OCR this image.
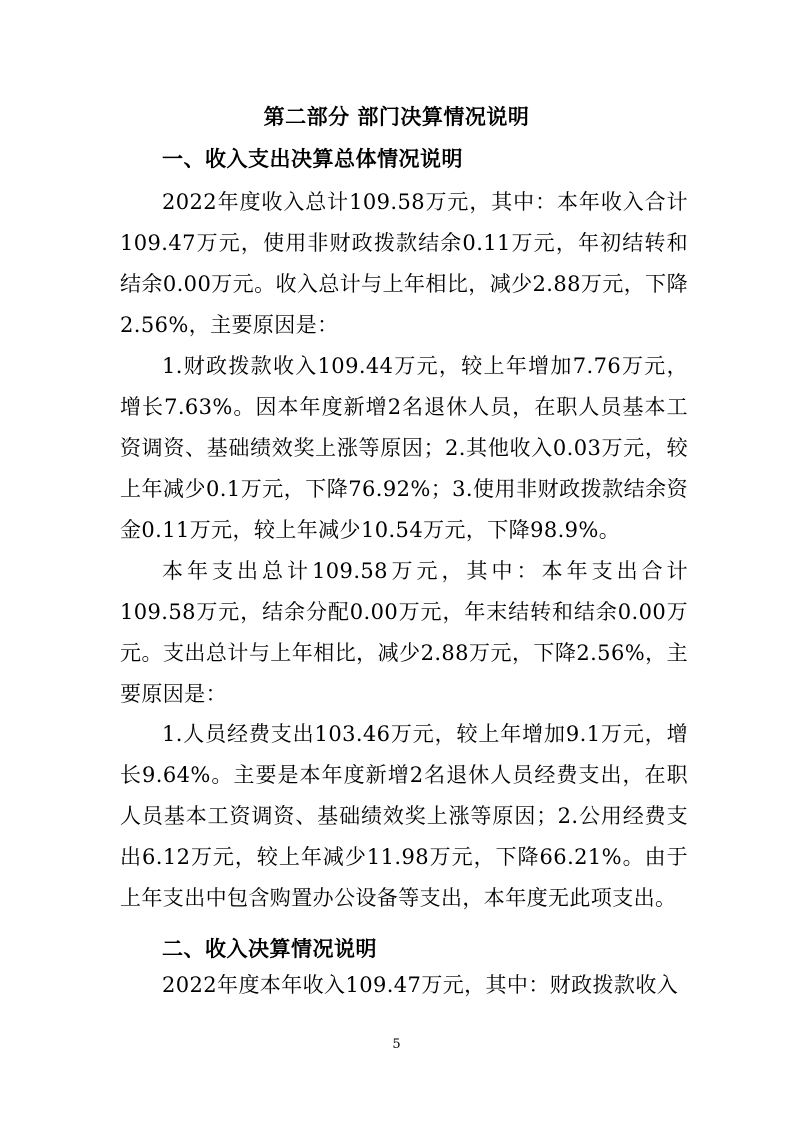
第二部分 部门决算情况说明
一、收入支出决算总体情况说明
2022年度收入总计109.58万元，其中：本年收入合计109.47万元，使用非财政拨款结余0.11万元，年初结转和结余0.00万元。收入总计与上年相比，减少2.88万元，下降2.56%，主要原因是：
1.财政拨款收入109.44万元，较上年增加7.76万元，增长7.63%。因本年度新增2名退休人员，在职人员基本工资调资、基础绩效奖上涨等原因；2.其他收入0.03万元，较上年减少0.1万元，下降76.92%；3.使用非财政拨款结余资金0.11万元，较上年减少10.54万元，下降98.9%。
本年支出总计109.58万元，其中：本年支出合计109.58万元，结余分配0.00万元，年末结转和结余0.00万元。支出总计与上年相比，减少2.88万元，下降2.56%，主要原因是：
1.人员经费支出103.46万元，较上年增加9.1万元，增长9.64%。主要是本年度新增2名退休人员经费支出，在职人员基本工资调资、基础绩效奖上涨等原因；2.公用经费支出6.12万元，较上年减少11.98万元，下降66.21%。由于上年支出中包含购置办公设备等支出，本年度无此项支出。
二、收入决算情况说明
2022年度本年收入109.47万元，其中：财政拨款收入
5
